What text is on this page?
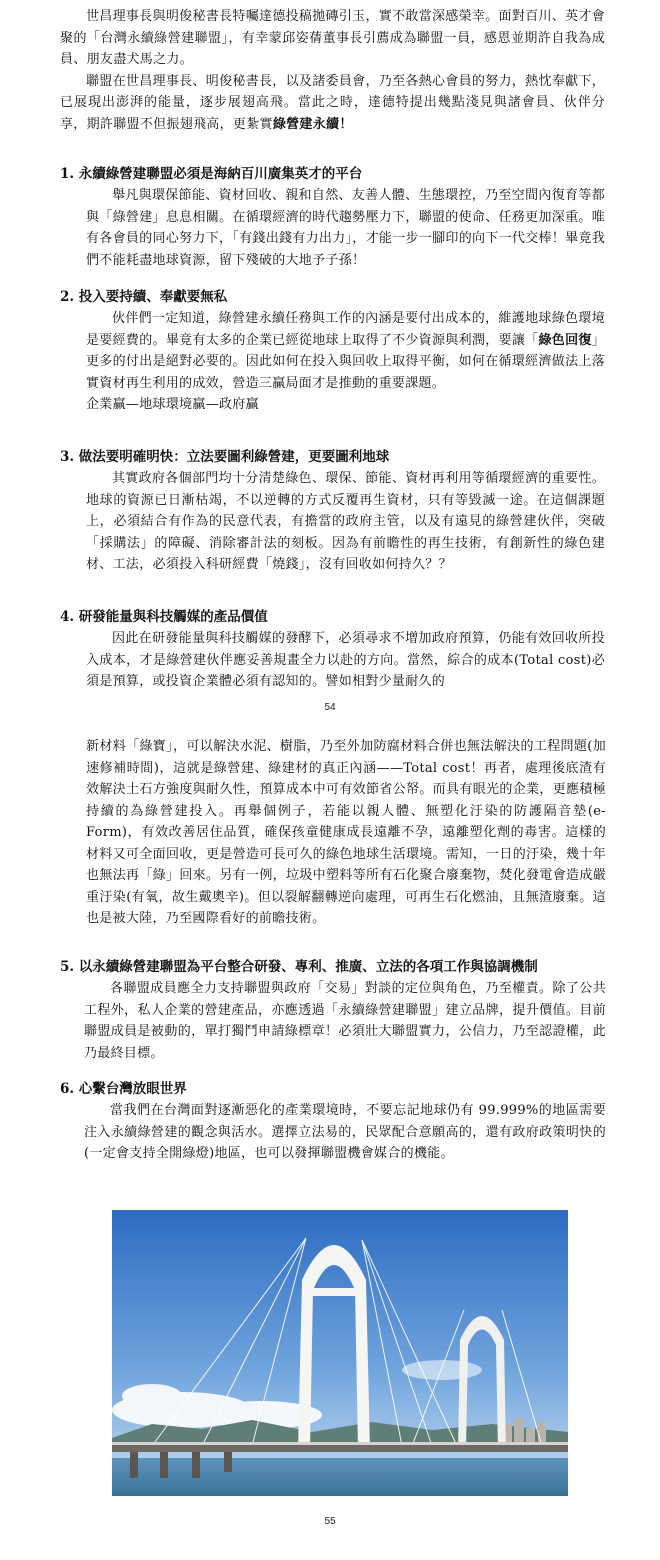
世昌理事長與明俊秘書長特囑達德投稿拋磚引玉，實不敢當深感榮幸。面對百川、英才會聚的「台灣永續綠營建聯盟」，有幸蒙邱姿蒨董事長引薦成為聯盟一員，感恩並期許自我為成員、朋友盡犬馬之力。

聯盟在世昌理事長、明俊秘書長，以及諸委員會，乃至各熱心會員的努力，熱忱奉獻下，已展現出澎湃的能量，逐步展翅高飛。當此之時，達德特提出幾點淺見與諸會員、伙伴分享，期許聯盟不但振翅飛高，更紮實綠營建永續！

1. 永續綠營建聯盟必須是海納百川廣集英才的平台

舉凡與環保節能、資材回收、親和自然、友善人體、生態環控，乃至空間內復育等都與「綠營建」息息相關。在循環經濟的時代趨勢壓力下，聯盟的使命、任務更加深重。唯有各會員的同心努力下，「有錢出錢有力出力」，才能一步一腳印的向下一代交棒！畢竟我們不能耗盡地球資源，留下殘破的大地予子孫！

2. 投入要持續、奉獻要無私

伙伴們一定知道，綠營建永續任務與工作的內涵是要付出成本的，維護地球綠色環境是要經費的。畢竟有太多的企業已經從地球上取得了不少資源與利潤，要讓「綠色回復」更多的付出是絕對必要的。因此如何在投入與回收上取得平衡，如何在循環經濟做法上落實資材再生利用的成效，營造三贏局面才是推動的重要課題。

企業贏—地球環境贏—政府贏

3. 做法要明確明快：立法要圖利綠營建，更要圖利地球

其實政府各個部門均十分清楚綠色、環保、節能、資材再利用等循環經濟的重要性。地球的資源已日漸枯竭，不以逆轉的方式反覆再生資材，只有等毀滅一途。在這個課題上，必須結合有作為的民意代表，有擔當的政府主管，以及有遠見的綠營建伙伴，突破「採購法」的障礙、消除審計法的刻板。因為有前瞻性的再生技術，有創新性的綠色建材、工法，必須投入科研經費「燒錢」，沒有回收如何持久？？

4. 研發能量與科技觸媒的產品價值

因此在研發能量與科技觸媒的發酵下，必須尋求不增加政府預算，仍能有效回收所投入成本，才是綠營建伙伴應妥善規畫全力以赴的方向。當然，綜合的成本(Total cost)必須是預算，或投資企業體必須有認知的。譬如相對少量耐久的

54

新材料「綠寶」，可以解決水泥、樹脂，乃至外加防腐材料合併也無法解決的工程問題(加速修補時間)，這就是綠營建、綠建材的真正內涵——Total cost！再者，處理後底渣有效解決土石方強度與耐久性，預算成本中可有效節省公帑。而具有眼光的企業，更應積極持續的為綠營建投入。再舉個例子，若能以親人體、無塑化汙染的防護隔音墊(e-Form)，有效改善居住品質，確保孩童健康成長遠離不孕，遠離塑化劑的毒害。這樣的材料又可全面回收，更是營造可長可久的綠色地球生活環境。需知，一日的汙染，幾十年也無法再「綠」回來。另有一例，垃圾中塑料等所有石化聚合廢棄物，焚化發電會造成嚴重汙染(有氧，故生戴奧辛)。但以裂解翻轉逆向處理，可再生石化燃油，且無渣廢棄。這也是被大陸，乃至國際看好的前瞻技術。

5. 以永續綠營建聯盟為平台整合研發、專利、推廣、立法的各項工作與協調機制

各聯盟成員應全力支持聯盟與政府「交易」對談的定位與角色，乃至權責。除了公共工程外，私人企業的營建產品，亦應透過「永續綠營建聯盟」建立品牌，提升價值。目前聯盟成員是被動的，單打獨鬥申請綠標章！必須壯大聯盟實力，公信力，乃至認證權，此乃最終目標。

6. 心繫台灣放眼世界

當我們在台灣面對逐漸惡化的產業環境時，不要忘記地球仍有 99.999%的地區需要注入永續綠營建的觀念與活水。選擇立法易的，民眾配合意願高的，還有政府政策明快的(一定會支持全開綠燈)地區，也可以發揮聯盟機會媒合的機能。

55
